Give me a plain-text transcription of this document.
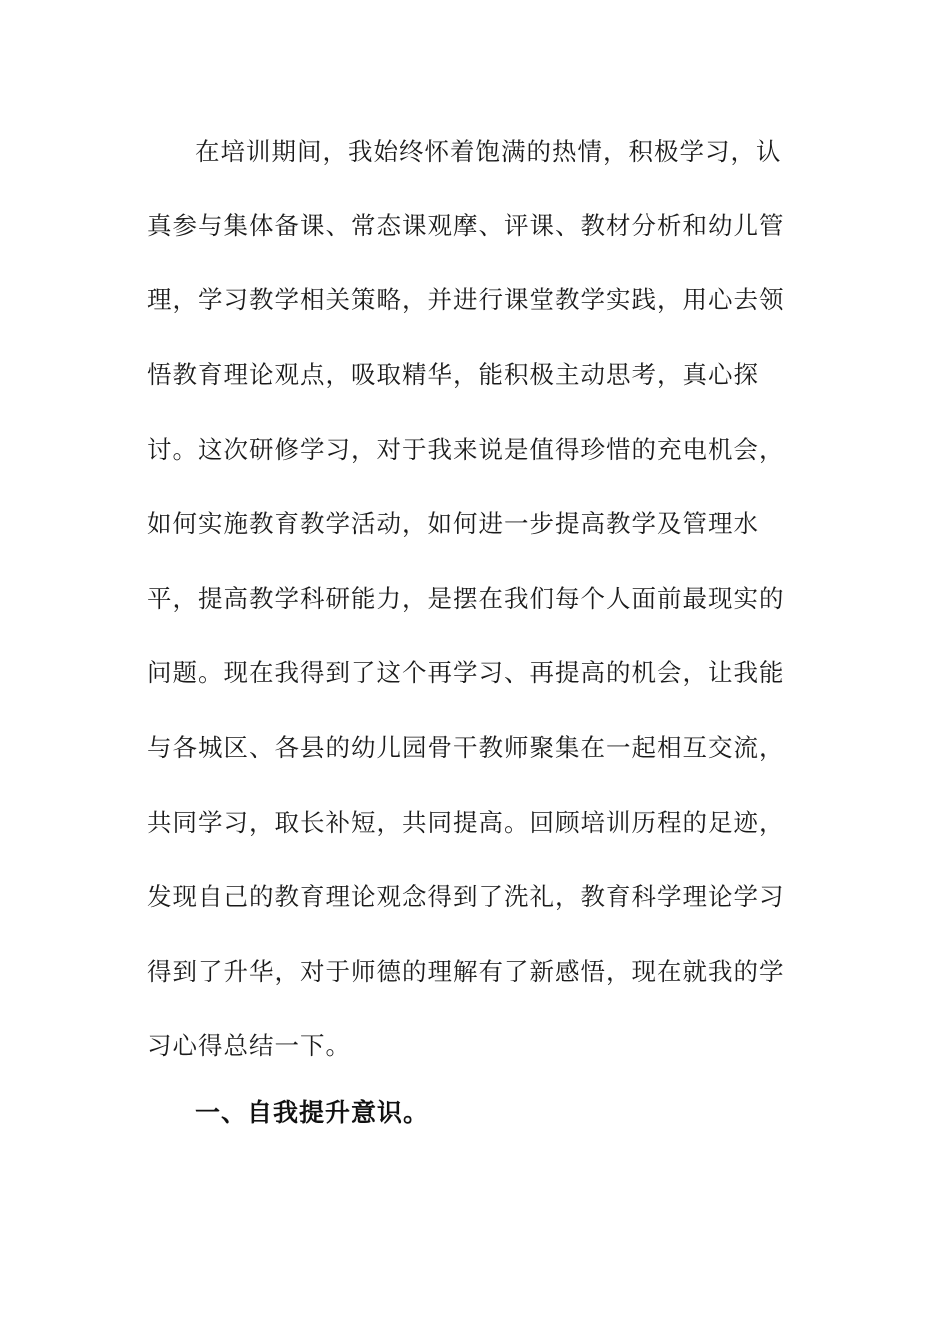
在培训期间，我始终怀着饱满的热情，积极学习，认
真参与集体备课、常态课观摩、评课、教材分析和幼儿管
理，学习教学相关策略，并进行课堂教学实践，用心去领
悟教育理论观点，吸取精华，能积极主动思考，真心探
讨。这次研修学习，对于我来说是值得珍惜的充电机会，
如何实施教育教学活动，如何进一步提高教学及管理水
平，提高教学科研能力，是摆在我们每个人面前最现实的
问题。现在我得到了这个再学习、再提高的机会，让我能
与各城区、各县的幼儿园骨干教师聚集在一起相互交流，
共同学习，取长补短，共同提高。回顾培训历程的足迹，
发现自己的教育理论观念得到了洗礼，教育科学理论学习
得到了升华，对于师德的理解有了新感悟，现在就我的学
习心得总结一下。
一、自我提升意识。
